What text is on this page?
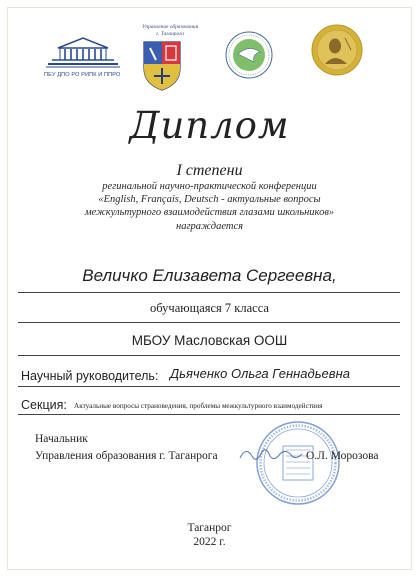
ПЕУ ДПО РО РИПК И ППРО
Управление образования
г. Таганрога
Диплом
I степени
регинальной научно-практической конференции
«English, Français, Deutsch - актуальные вопросы
межкультурного взаимодействия глазами школьников»
награждается
Величко Елизавета Сергеевна,
обучающаяся 7 класса
МБОУ Масловская ООШ
Научный руководитель: Дьяченко Ольга Геннадьевна
Секция: Актуальные вопросы страноведения, проблемы межкультурного взаимодействия
Начальник
Управления образования г. Таганрога	О.Л. Морозова
Таганрог
2022 г.
